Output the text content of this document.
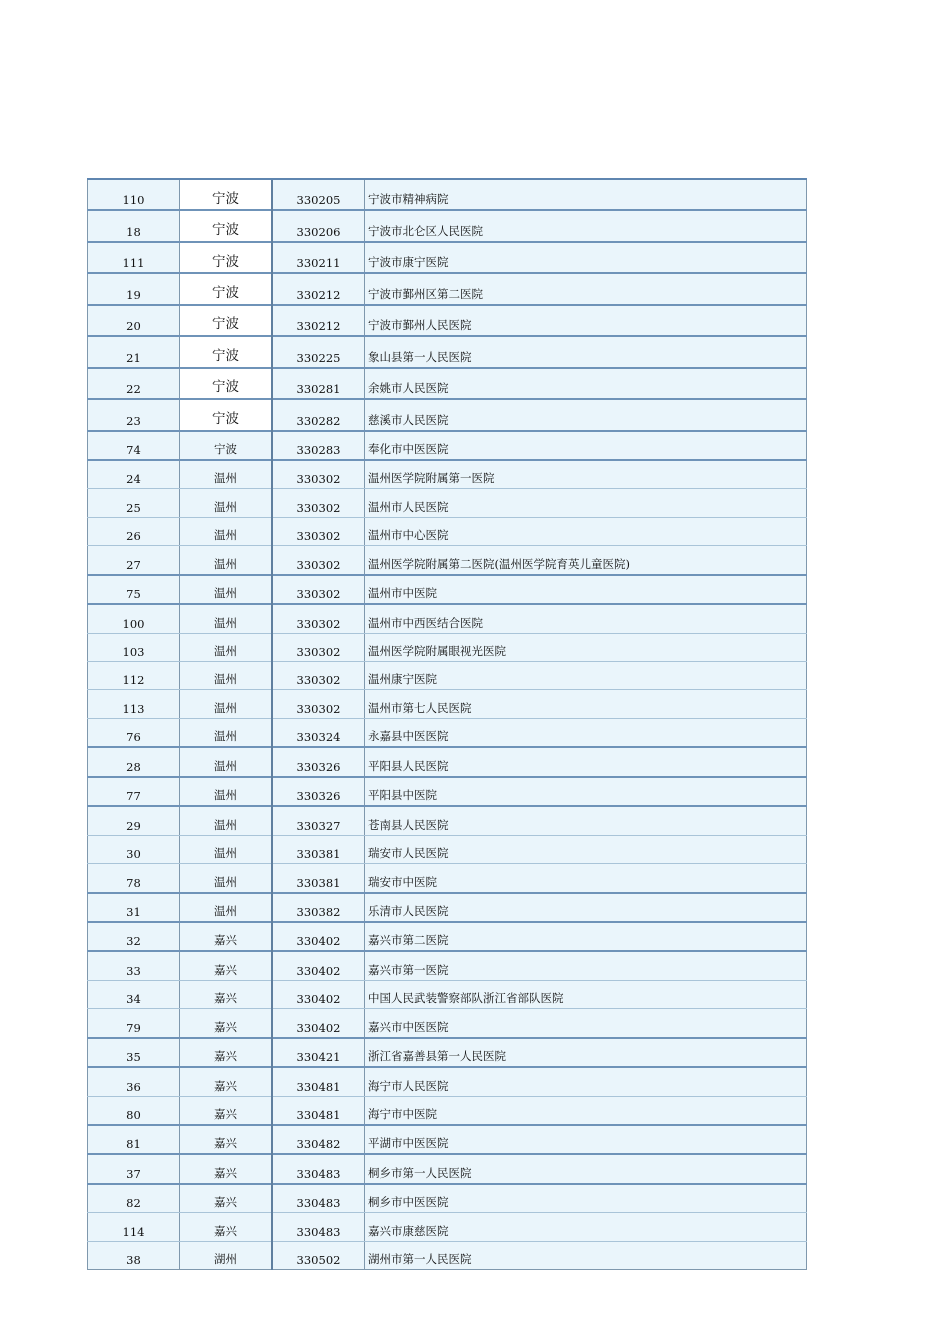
110	宁波	330205	宁波市精神病院
18	宁波	330206	宁波市北仑区人民医院
111	宁波	330211	宁波市康宁医院
19	宁波	330212	宁波市鄞州区第二医院
20	宁波	330212	宁波市鄞州人民医院
21	宁波	330225	象山县第一人民医院
22	宁波	330281	余姚市人民医院
23	宁波	330282	慈溪市人民医院
74	宁波	330283	奉化市中医医院
24	温州	330302	温州医学院附属第一医院
25	温州	330302	温州市人民医院
26	温州	330302	温州市中心医院
27	温州	330302	温州医学院附属第二医院(温州医学院育英儿童医院)
75	温州	330302	温州市中医院
100	温州	330302	温州市中西医结合医院
103	温州	330302	温州医学院附属眼视光医院
112	温州	330302	温州康宁医院
113	温州	330302	温州市第七人民医院
76	温州	330324	永嘉县中医医院
28	温州	330326	平阳县人民医院
77	温州	330326	平阳县中医院
29	温州	330327	苍南县人民医院
30	温州	330381	瑞安市人民医院
78	温州	330381	瑞安市中医院
31	温州	330382	乐清市人民医院
32	嘉兴	330402	嘉兴市第二医院
33	嘉兴	330402	嘉兴市第一医院
34	嘉兴	330402	中国人民武装警察部队浙江省部队医院
79	嘉兴	330402	嘉兴市中医医院
35	嘉兴	330421	浙江省嘉善县第一人民医院
36	嘉兴	330481	海宁市人民医院
80	嘉兴	330481	海宁市中医院
81	嘉兴	330482	平湖市中医医院
37	嘉兴	330483	桐乡市第一人民医院
82	嘉兴	330483	桐乡市中医医院
114	嘉兴	330483	嘉兴市康慈医院
38	湖州	330502	湖州市第一人民医院
